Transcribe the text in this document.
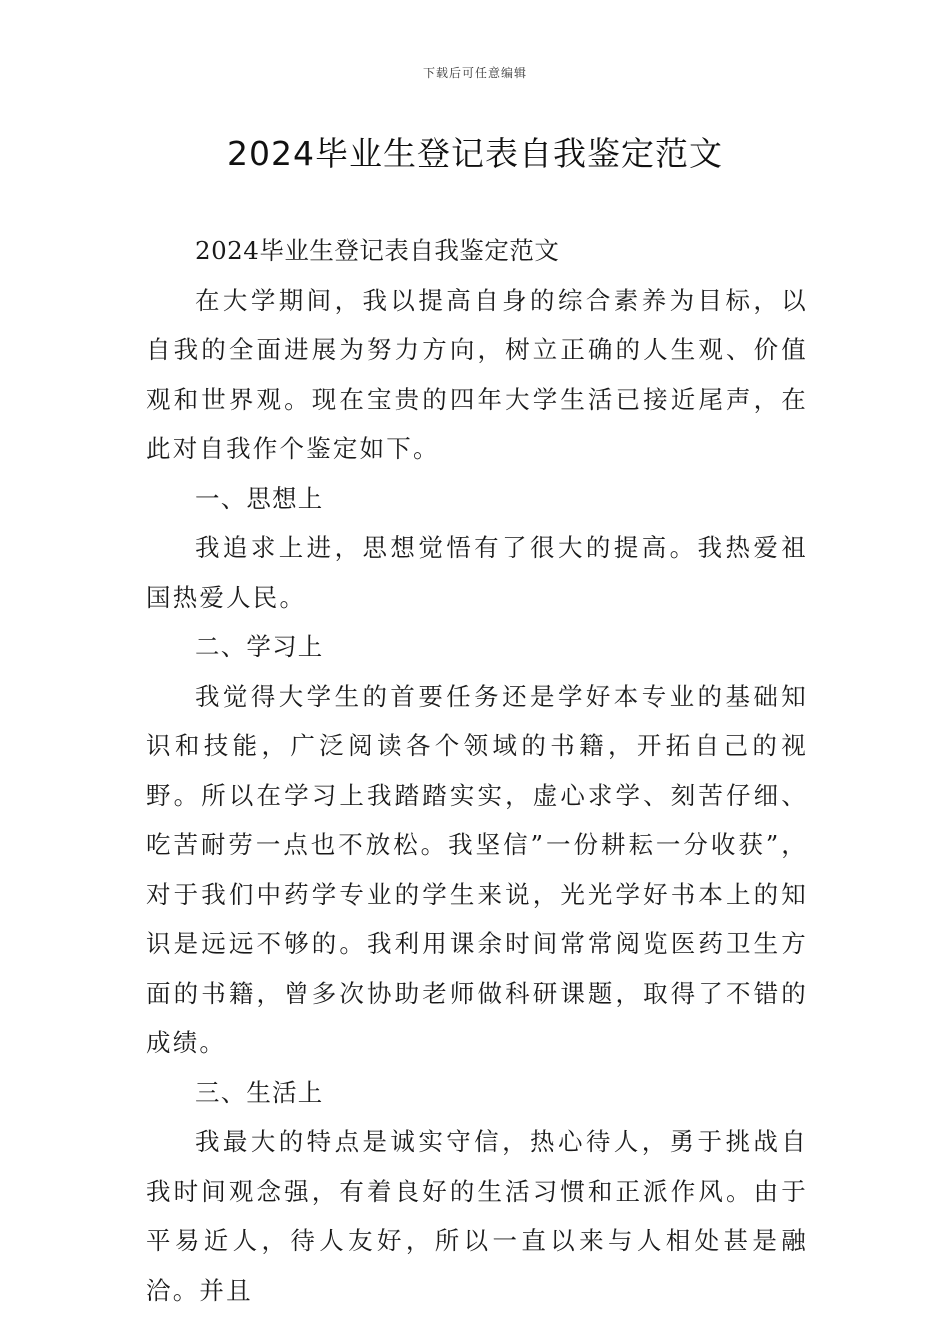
下载后可任意编辑
2024毕业生登记表自我鉴定范文

2024毕业生登记表自我鉴定范文

在大学期间，我以提高自身的综合素养为目标，以自我的全面进展为努力方向，树立正确的人生观、价值观和世界观。现在宝贵的四年大学生活已接近尾声，在此对自我作个鉴定如下。

一、思想上

我追求上进，思想觉悟有了很大的提高。我热爱祖国热爱人民。

二、学习上

我觉得大学生的首要任务还是学好本专业的基础知识和技能，广泛阅读各个领域的书籍，开拓自己的视野。所以在学习上我踏踏实实，虚心求学、刻苦仔细、吃苦耐劳一点也不放松。我坚信”一份耕耘一分收获”，对于我们中药学专业的学生来说，光光学好书本上的知识是远远不够的。我利用课余时间常常阅览医药卫生方面的书籍，曾多次协助老师做科研课题，取得了不错的成绩。

三、生活上

我最大的特点是诚实守信，热心待人，勇于挑战自我时间观念强，有着良好的生活习惯和正派作风。由于平易近人，待人友好，所以一直以来与人相处甚是融洽。并且
